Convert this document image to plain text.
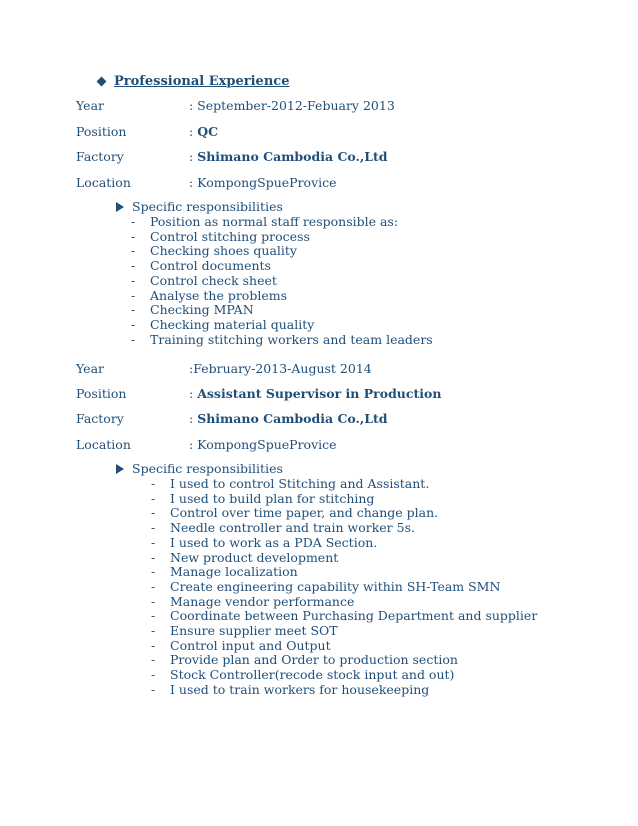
Professional Experience
Year	: September-2012-Febuary 2013
Position	: QC
Factory	: Shimano Cambodia Co.,Ltd
Location	: KompongSpueProvice
Specific responsibilities
- Position as normal staff responsible as:
- Control stitching process
- Checking shoes quality
- Control documents
- Control check sheet
- Analyse the problems
- Checking MPAN
- Checking material quality
- Training stitching workers and team leaders
Year	:February-2013-August 2014
Position	: Assistant Supervisor in Production
Factory	: Shimano Cambodia Co.,Ltd
Location	: KompongSpueProvice
Specific responsibilities
- I used to control Stitching and Assistant.
- I used to build plan for stitching
- Control over time paper, and change plan.
- Needle controller and train worker 5s.
- I used to work as a PDA Section.
- New product development
- Manage localization
- Create engineering capability within SH-Team SMN
- Manage vendor performance
- Coordinate between Purchasing Department and supplier
- Ensure supplier meet SOT
- Control input and Output
- Provide plan and Order to production section
- Stock Controller(recode stock input and out)
- I used to train workers for housekeeping
